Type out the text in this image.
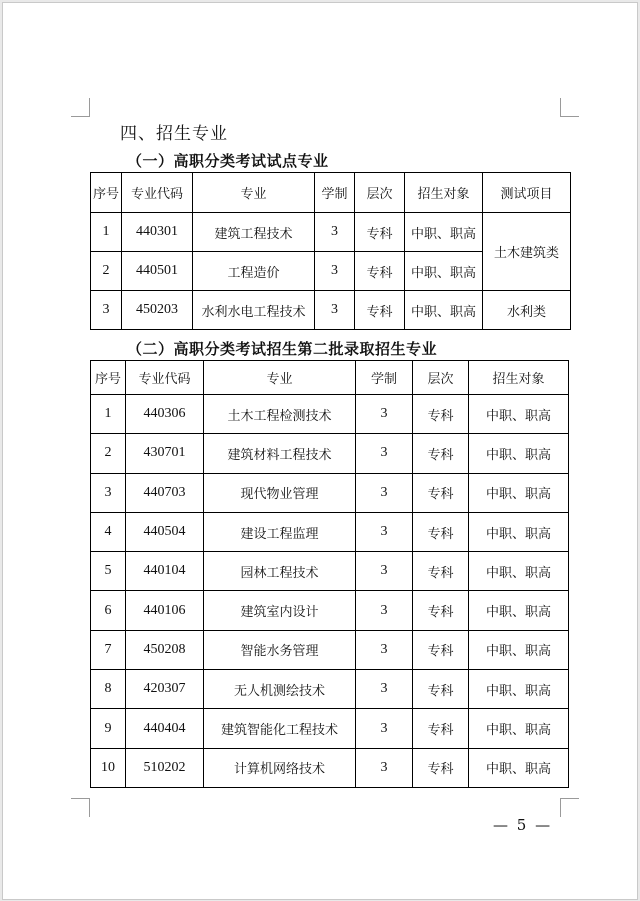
四、招生专业
（一）高职分类考试试点专业
序号	专业代码	专业	学制	层次	招生对象	测试项目
1	440301	建筑工程技术	3	专科	中职、职高	土木建筑类
2	440501	工程造价	3	专科	中职、职高	
3	450203	水利水电工程技术	3	专科	中职、职高	水利类
（二）高职分类考试招生第二批录取招生专业
序号	专业代码	专业	学制	层次	招生对象
1	440306	土木工程检测技术	3	专科	中职、职高
2	430701	建筑材料工程技术	3	专科	中职、职高
3	440703	现代物业管理	3	专科	中职、职高
4	440504	建设工程监理	3	专科	中职、职高
5	440104	园林工程技术	3	专科	中职、职高
6	440106	建筑室内设计	3	专科	中职、职高
7	450208	智能水务管理	3	专科	中职、职高
8	420307	无人机测绘技术	3	专科	中职、职高
9	440404	建筑智能化工程技术	3	专科	中职、职高
10	510202	计算机网络技术	3	专科	中职、职高
— 5 —
